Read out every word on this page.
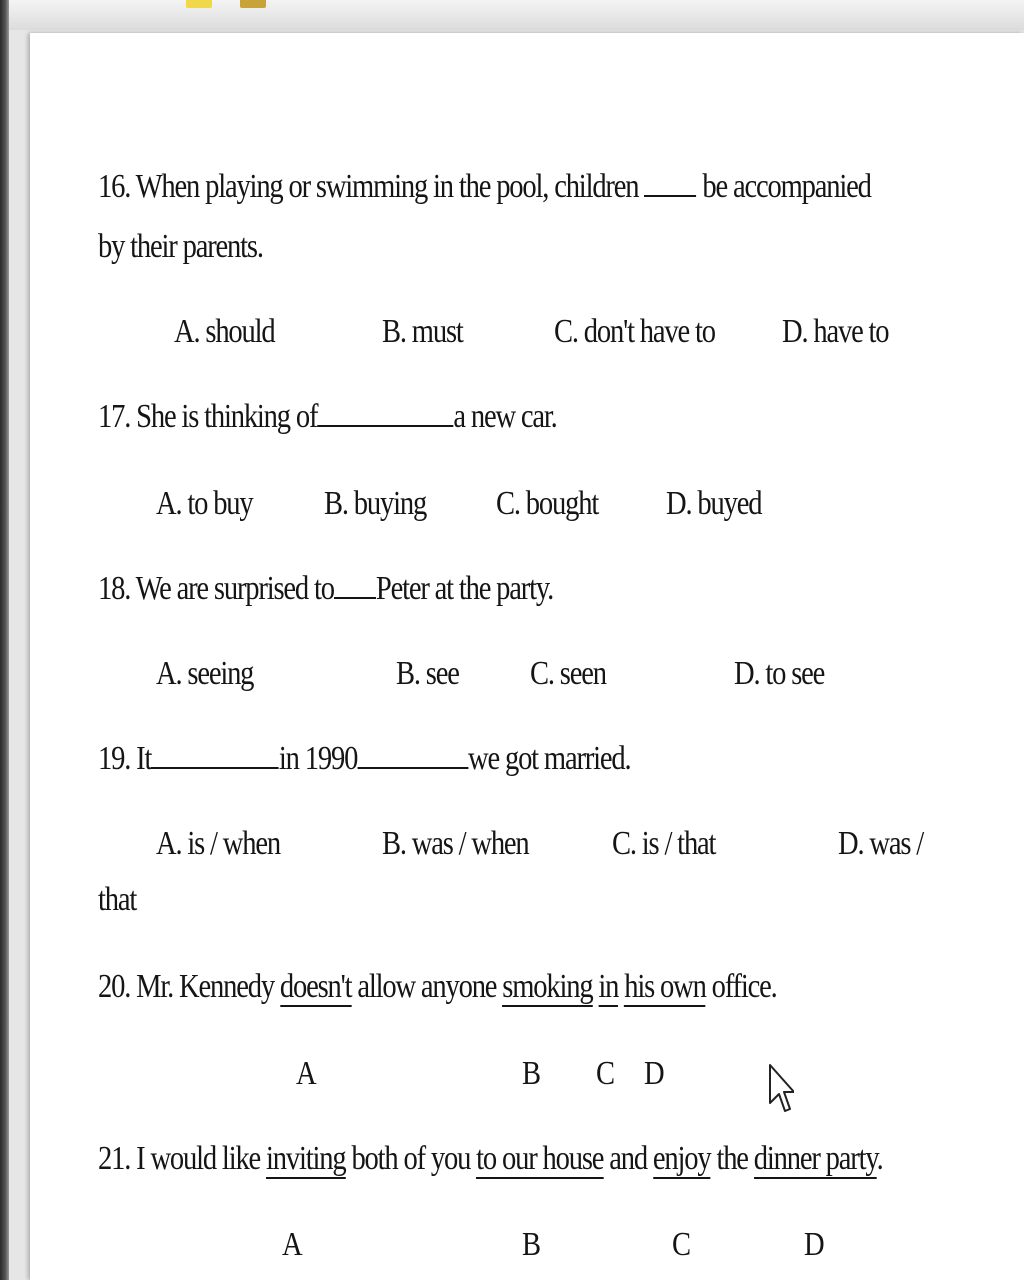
16. When playing or swimming in the pool, children be accompanied
by their parents.
A. should	B. must	C. don't have to D. have to
17. She is thinking of	a new car.
A. to buy B. buying C. bought D. buyed
18. We are surprised to Peter at the party.
A. seeing	B. see C. seen	D. to see
19. It	in 1990	we got married.
A. is / when	B. was / when C. is / that	D. was /
that
20. Mr. Kennedy doesn't allow anyone smoking in his own office.
A	B C D
21. I would like inviting both of you to our house and enjoy the dinner party.
A	B	C	D
